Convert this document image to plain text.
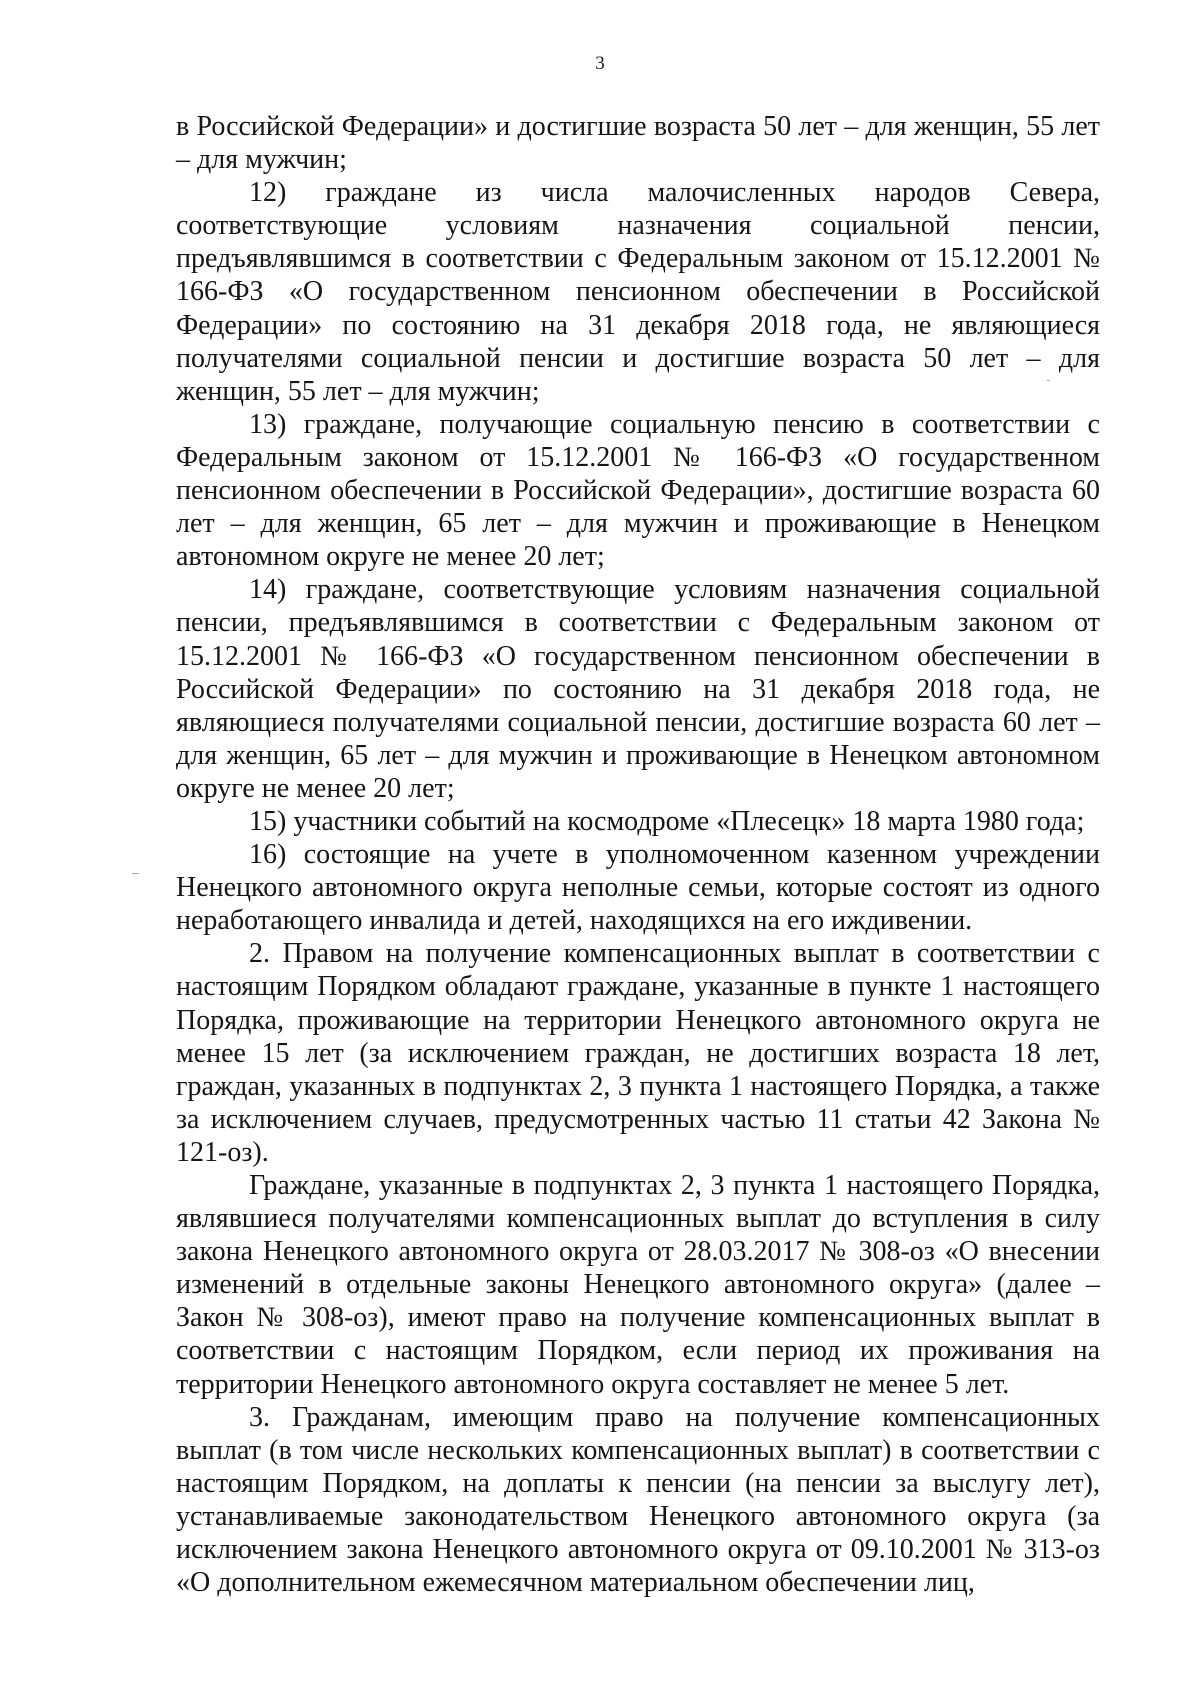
3

в Российской Федерации» и достигшие возраста 50 лет – для женщин, 55 лет – для мужчин;

12) граждане из числа малочисленных народов Севера, соответствующие условиям назначения социальной пенсии, предъявлявшимся в соответствии с Федеральным законом от 15.12.2001 № 166-ФЗ «О государственном пенсионном обеспечении в Российской Федерации» по состоянию на 31 декабря 2018 года, не являющиеся получателями социальной пенсии и достигшие возраста 50 лет – для женщин, 55 лет – для мужчин;

13) граждане, получающие социальную пенсию в соответствии с Федеральным законом от 15.12.2001 № 166-ФЗ «О государственном пенсионном обеспечении в Российской Федерации», достигшие возраста 60 лет – для женщин, 65 лет – для мужчин и проживающие в Ненецком автономном округе не менее 20 лет;

14) граждане, соответствующие условиям назначения социальной пенсии, предъявлявшимся в соответствии с Федеральным законом от 15.12.2001 № 166-ФЗ «О государственном пенсионном обеспечении в Российской Федерации» по состоянию на 31 декабря 2018 года, не являющиеся получателями социальной пенсии, достигшие возраста 60 лет – для женщин, 65 лет – для мужчин и проживающие в Ненецком автономном округе не менее 20 лет;

15) участники событий на космодроме «Плесецк» 18 марта 1980 года;

16) состоящие на учете в уполномоченном казенном учреждении Ненецкого автономного округа неполные семьи, которые состоят из одного неработающего инвалида и детей, находящихся на его иждивении.

2. Правом на получение компенсационных выплат в соответствии с настоящим Порядком обладают граждане, указанные в пункте 1 настоящего Порядка, проживающие на территории Ненецкого автономного округа не менее 15 лет (за исключением граждан, не достигших возраста 18 лет, граждан, указанных в подпунктах 2, 3 пункта 1 настоящего Порядка, а также за исключением случаев, предусмотренных частью 11 статьи 42 Закона № 121-оз).

Граждане, указанные в подпунктах 2, 3 пункта 1 настоящего Порядка, являвшиеся получателями компенсационных выплат до вступления в силу закона Ненецкого автономного округа от 28.03.2017 № 308-оз «О внесении изменений в отдельные законы Ненецкого автономного округа» (далее – Закон № 308-оз), имеют право на получение компенсационных выплат в соответствии с настоящим Порядком, если период их проживания на территории Ненецкого автономного округа составляет не менее 5 лет.

3. Гражданам, имеющим право на получение компенсационных выплат (в том числе нескольких компенсационных выплат) в соответствии с настоящим Порядком, на доплаты к пенсии (на пенсии за выслугу лет), устанавливаемые законодательством Ненецкого автономного округа (за исключением закона Ненецкого автономного округа от 09.10.2001 № 313-оз «О дополнительном ежемесячном материальном обеспечении лиц,
